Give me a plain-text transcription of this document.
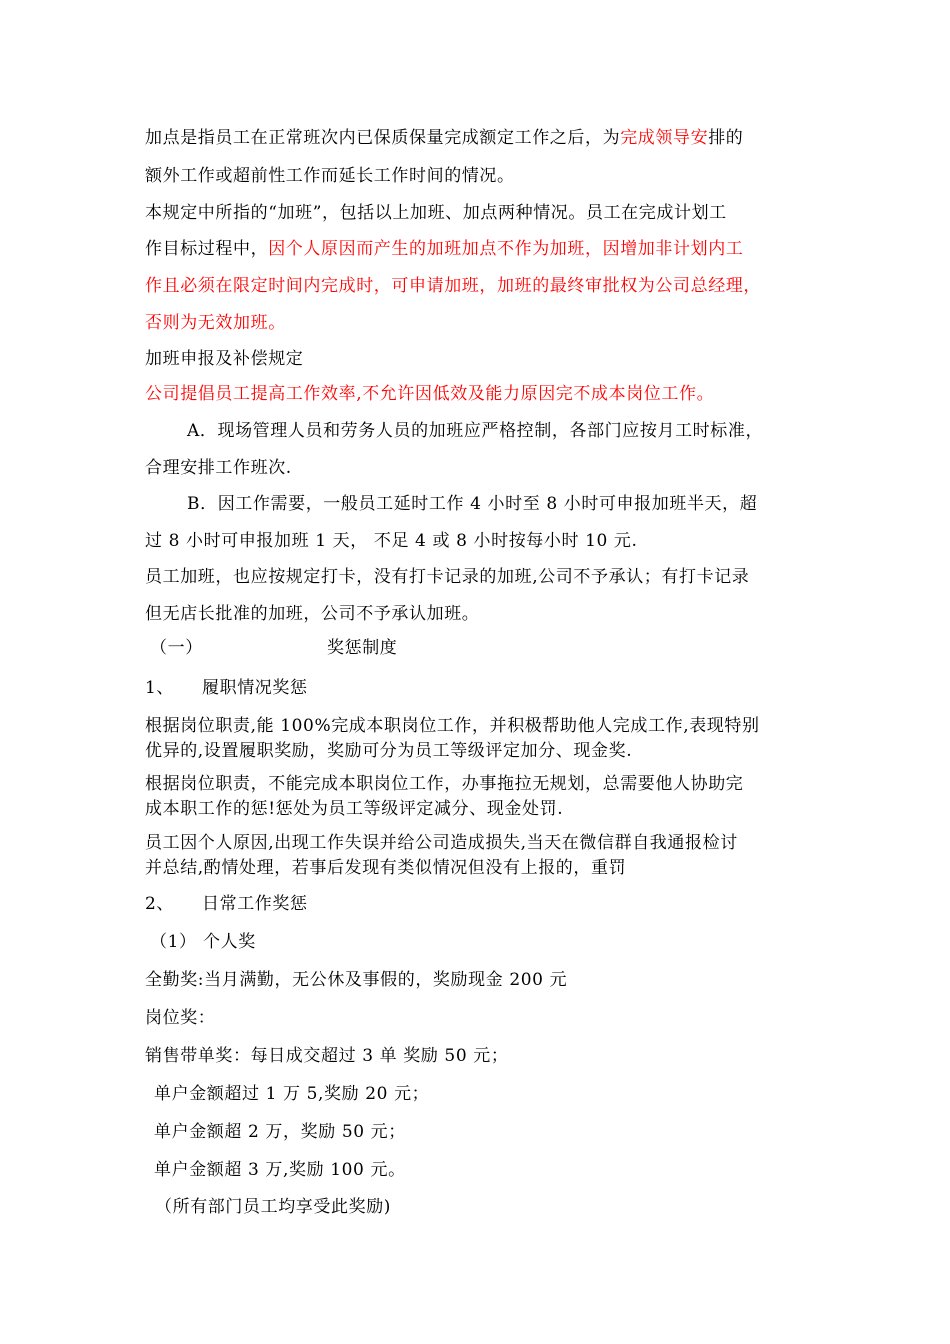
加点是指员工在正常班次内已保质保量完成额定工作之后，为完成领导安排的
额外工作或超前性工作而延长工作时间的情况。
本规定中所指的“加班”，包括以上加班、加点两种情况。员工在完成计划工
作目标过程中，因个人原因而产生的加班加点不作为加班，因增加非计划内工
作且必须在限定时间内完成时，可申请加班，加班的最终审批权为公司总经理，
否则为无效加班。
加班申报及补偿规定
公司提倡员工提高工作效率,不允许因低效及能力原因完不成本岗位工作。
A．现场管理人员和劳务人员的加班应严格控制，各部门应按月工时标准，
合理安排工作班次.
B．因工作需要，一般员工延时工作 4 小时至 8 小时可申报加班半天，超
过 8 小时可申报加班 1 天， 不足 4 或 8 小时按每小时 10 元.
员工加班，也应按规定打卡，没有打卡记录的加班,公司不予承认；有打卡记录
但无店长批准的加班，公司不予承认加班。
（一）	奖惩制度
1、 履职情况奖惩
根据岗位职责,能 100%完成本职岗位工作，并积极帮助他人完成工作,表现特别
优异的,设置履职奖励，奖励可分为员工等级评定加分、现金奖.
根据岗位职责，不能完成本职岗位工作，办事拖拉无规划，总需要他人协助完
成本职工作的惩!惩处为员工等级评定减分、现金处罚.
员工因个人原因,出现工作失误并给公司造成损失,当天在微信群自我通报检讨
并总结,酌情处理，若事后发现有类似情况但没有上报的，重罚
2、 日常工作奖惩
（1） 个人奖
全勤奖:当月满勤，无公休及事假的，奖励现金 200 元
岗位奖：
销售带单奖：每日成交超过 3 单 奖励 50 元；
单户金额超过 1 万 5,奖励 20 元；
单户金额超 2 万，奖励 50 元；
单户金额超 3 万,奖励 100 元。
（所有部门员工均享受此奖励)
